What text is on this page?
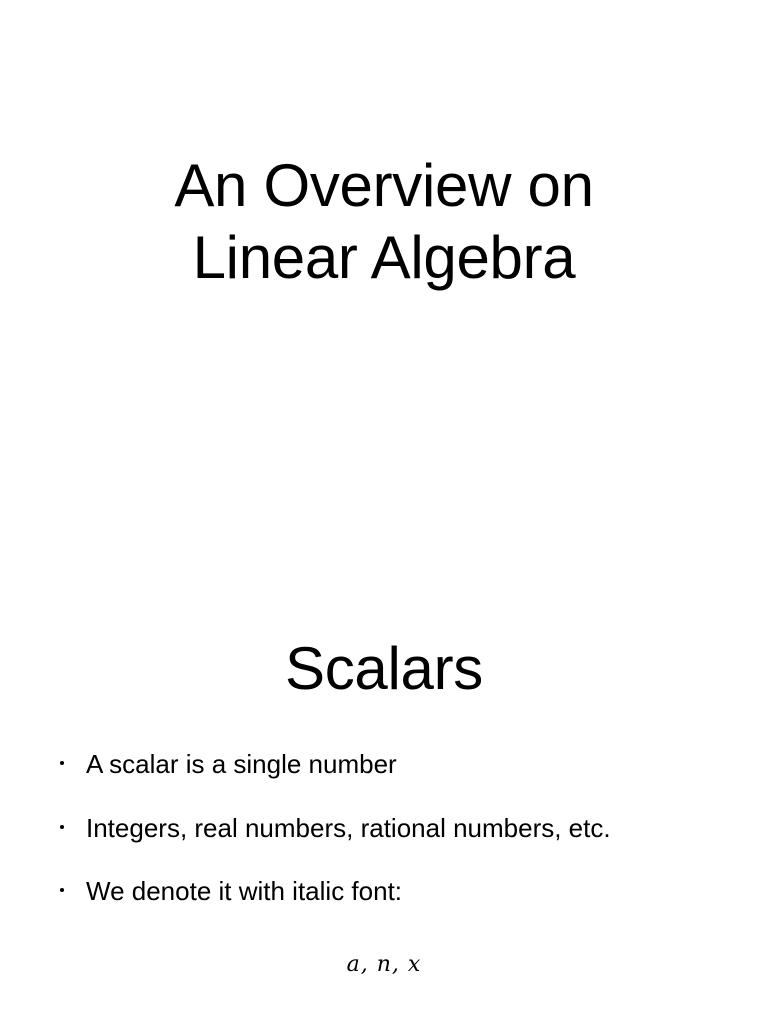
An Overview on
Linear Algebra
Scalars
A scalar is a single number
Integers, real numbers, rational numbers, etc.
We denote it with italic font:
a, n, x
